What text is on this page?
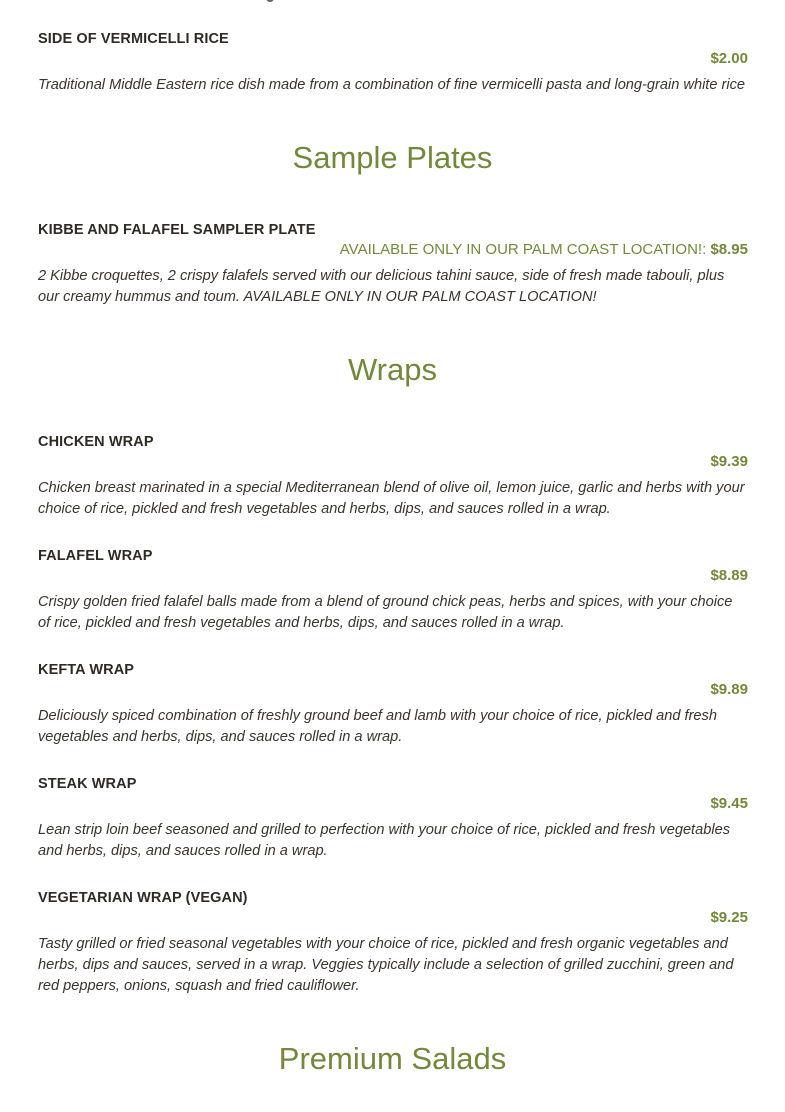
SIDE OF VERMICELLI RICE
$2.00
Traditional Middle Eastern rice dish made from a combination of fine vermicelli pasta and long-grain white rice
Sample Plates
KIBBE AND FALAFEL SAMPLER PLATE
AVAILABLE ONLY IN OUR PALM COAST LOCATION!: $8.95
2 Kibbe croquettes, 2 crispy falafels served with our delicious tahini sauce, side of fresh made tabouli, plus our creamy hummus and toum. AVAILABLE ONLY IN OUR PALM COAST LOCATION!
Wraps
CHICKEN WRAP
$9.39
Chicken breast marinated in a special Mediterranean blend of olive oil, lemon juice, garlic and herbs with your choice of rice, pickled and fresh vegetables and herbs, dips, and sauces rolled in a wrap.
FALAFEL WRAP
$8.89
Crispy golden fried falafel balls made from a blend of ground chick peas, herbs and spices, with your choice of rice, pickled and fresh vegetables and herbs, dips, and sauces rolled in a wrap.
KEFTA WRAP
$9.89
Deliciously spiced combination of freshly ground beef and lamb with your choice of rice, pickled and fresh vegetables and herbs, dips, and sauces rolled in a wrap.
STEAK WRAP
$9.45
Lean strip loin beef seasoned and grilled to perfection with your choice of rice, pickled and fresh vegetables and herbs, dips, and sauces rolled in a wrap.
VEGETARIAN WRAP (VEGAN)
$9.25
Tasty grilled or fried seasonal vegetables with your choice of rice, pickled and fresh organic vegetables and herbs, dips and sauces, served in a wrap. Veggies typically include a selection of grilled zucchini, green and red peppers, onions, squash and fried cauliflower.
Premium Salads
